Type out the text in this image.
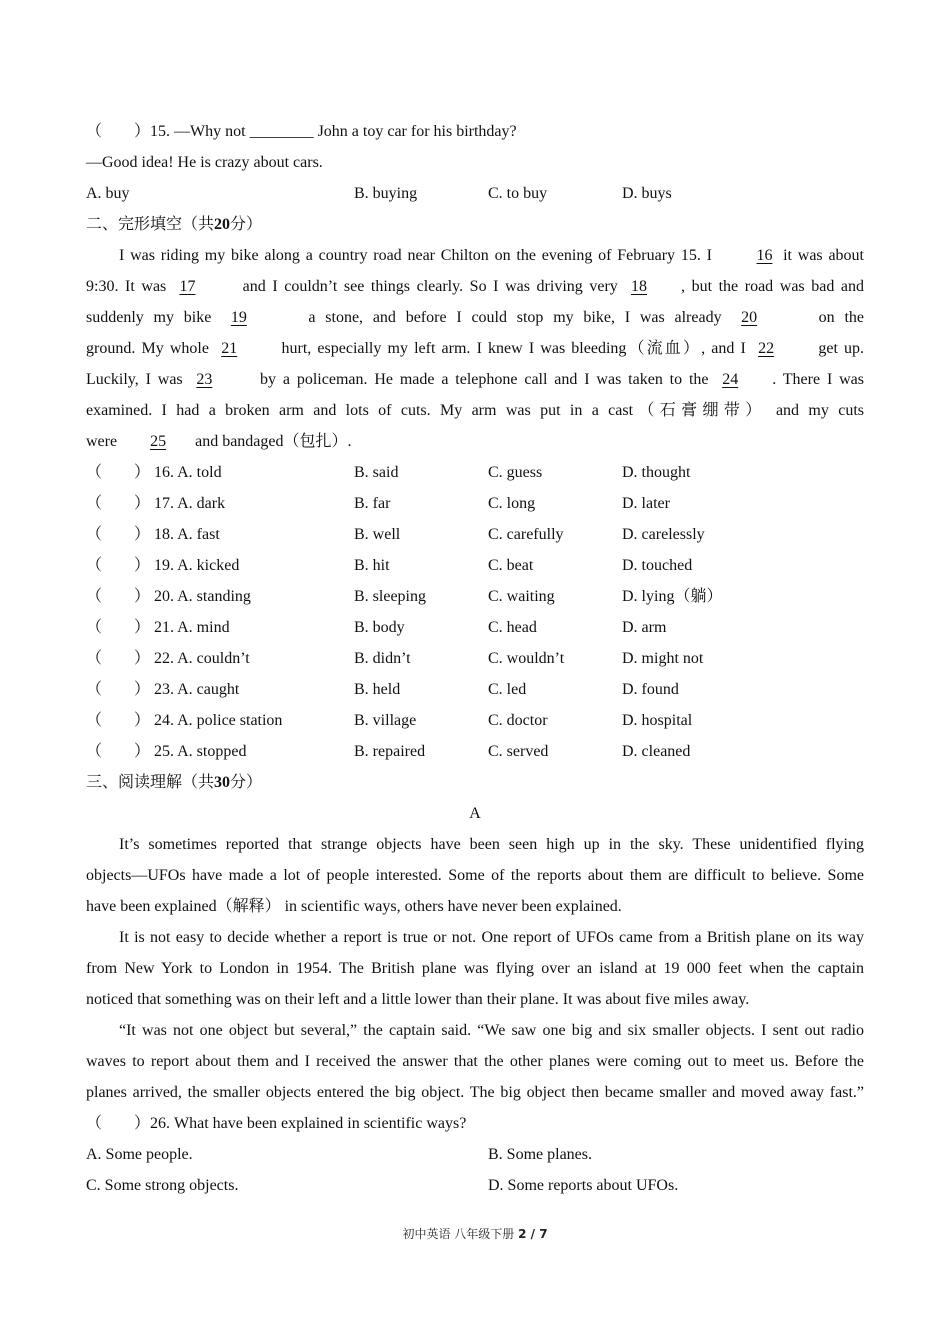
（　　）15. —Why not ________ John a toy car for his birthday?
—Good idea! He is crazy about cars.
A. buy	B. buying	C. to buy	D. buys
二、完形填空（共20分）
I was riding my bike along a country road near Chilton on the evening of February 15. I	16 it was about
9:30. It was 17	and I couldn’t see things clearly. So I was driving very 18 , but the road was bad and
suddenly my bike 19	a stone, and before I could stop my bike, I was already 20	on the
ground. My whole 21	hurt, especially my left arm. I knew I was bleeding（流血）, and I 22	get up.
Luckily, I was 23	by a policeman. He made a telephone call and I was taken to the 24 . There I was
examined. I had a broken arm and lots of cuts. My arm was put in a cast（石膏绷带） and my cuts
were 25 and bandaged（包扎）.
（　　） 16. A. told	B. said	C. guess	D. thought
（　　） 17. A. dark	B. far	C. long	D. later
（　　） 18. A. fast	B. well	C. carefully	D. carelessly
（　　） 19. A. kicked	B. hit	C. beat	D. touched
（　　） 20. A. standing	B. sleeping	C. waiting	D. lying（躺）
（　　） 21. A. mind	B. body	C. head	D. arm
（　　） 22. A. couldn’t	B. didn’t	C. wouldn’t	D. might not
（　　） 23. A. caught	B. held	C. led	D. found
（　　） 24. A. police station	B. village	C. doctor	D. hospital
（　　） 25. A. stopped	B. repaired	C. served	D. cleaned
三、阅读理解（共30分）
A
It’s sometimes reported that strange objects have been seen high up in the sky. These unidentified flying
objects—UFOs have made a lot of people interested. Some of the reports about them are difficult to believe. Some
have been explained（解释） in scientific ways, others have never been explained.
It is not easy to decide whether a report is true or not. One report of UFOs came from a British plane on its way
from New York to London in 1954. The British plane was flying over an island at 19 000 feet when the captain
noticed that something was on their left and a little lower than their plane. It was about five miles away.
“It was not one object but several,” the captain said. “We saw one big and six smaller objects. I sent out radio
waves to report about them and I received the answer that the other planes were coming out to meet us. Before the
planes arrived, the smaller objects entered the big object. The big object then became smaller and moved away fast.”
（　　）26. What have been explained in scientific ways?
A. Some people.	B. Some planes.
C. Some strong objects.	D. Some reports about UFOs.
初中英语 八年级下册 2 / 7
